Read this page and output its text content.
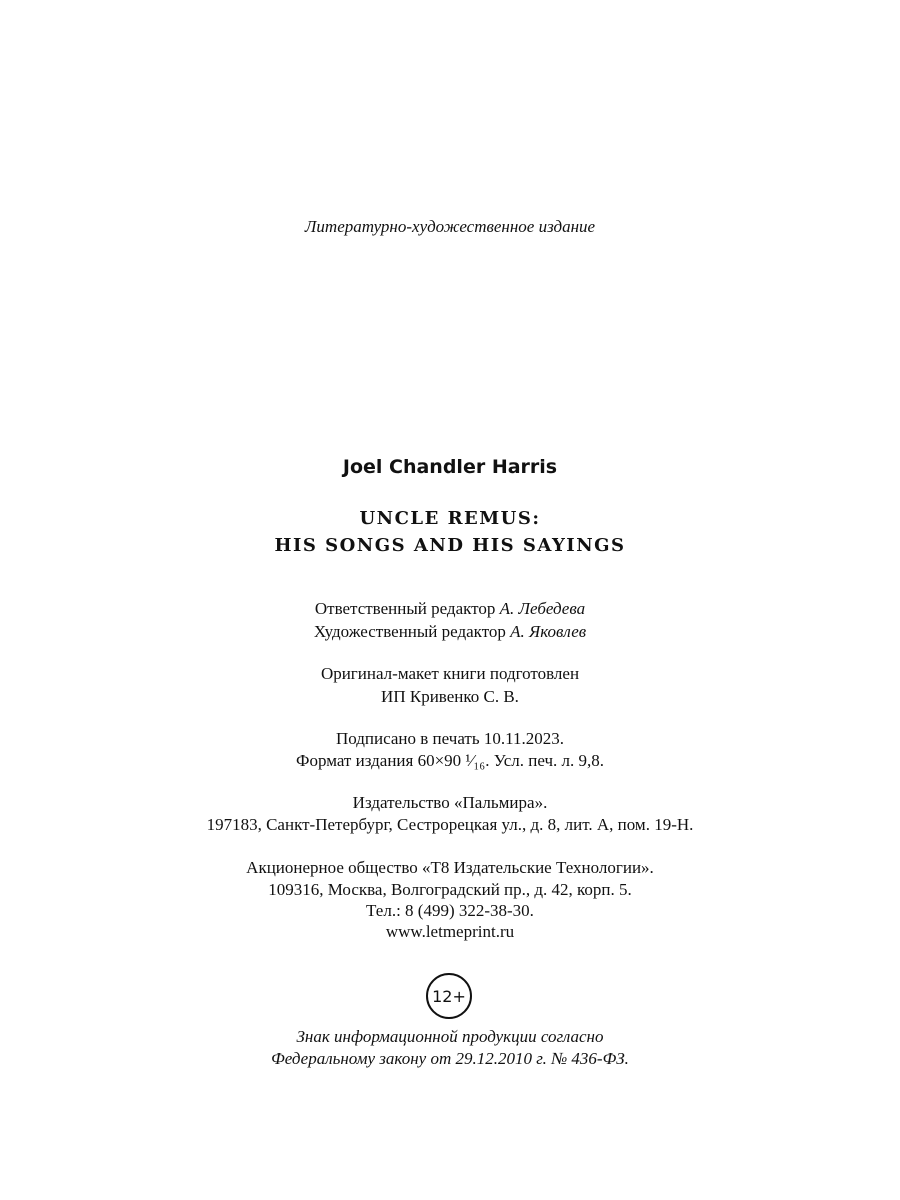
Литературно-художественное издание
Joel Chandler Harris
UNCLE REMUS:
HIS SONGS AND HIS SAYINGS
Ответственный редактор А. Лебедева
Художественный редактор А. Яковлев
Оригинал-макет книги подготовлен
ИП Кривенко С. В.
Подписано в печать 10.11.2023.
Формат издания 60×90 ¹⁄₁₆. Усл. печ. л. 9,8.
Издательство «Пальмира».
197183, Санкт-Петербург, Сестрорецкая ул., д. 8, лит. А, пом. 19-Н.
Акционерное общество «Т8 Издательские Технологии».
109316, Москва, Волгоградский пр., д. 42, корп. 5.
Тел.: 8 (499) 322-38-30.
www.letmeprint.ru
12+
Знак информационной продукции согласно
Федеральному закону от 29.12.2010 г. № 436-ФЗ.
